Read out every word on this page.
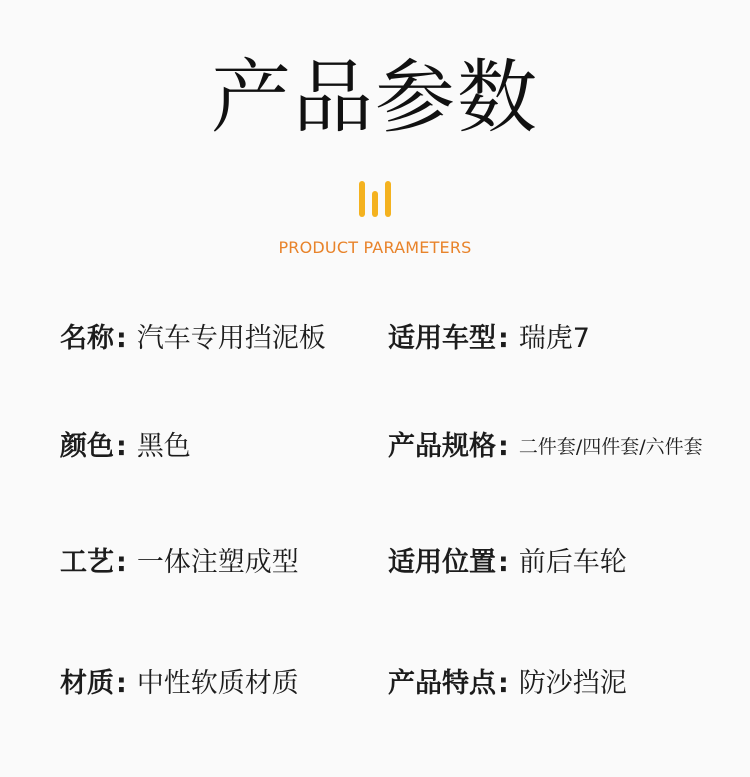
产品参数
PRODUCT PARAMETERS
名称: 汽车专用挡泥板 适用车型: 瑞虎7
颜色: 黑色	产品规格: 二件套/四件套/六件套
工艺: 一体注塑成型	适用位置: 前后车轮
材质: 中性软质材质	产品特点: 防沙挡泥
